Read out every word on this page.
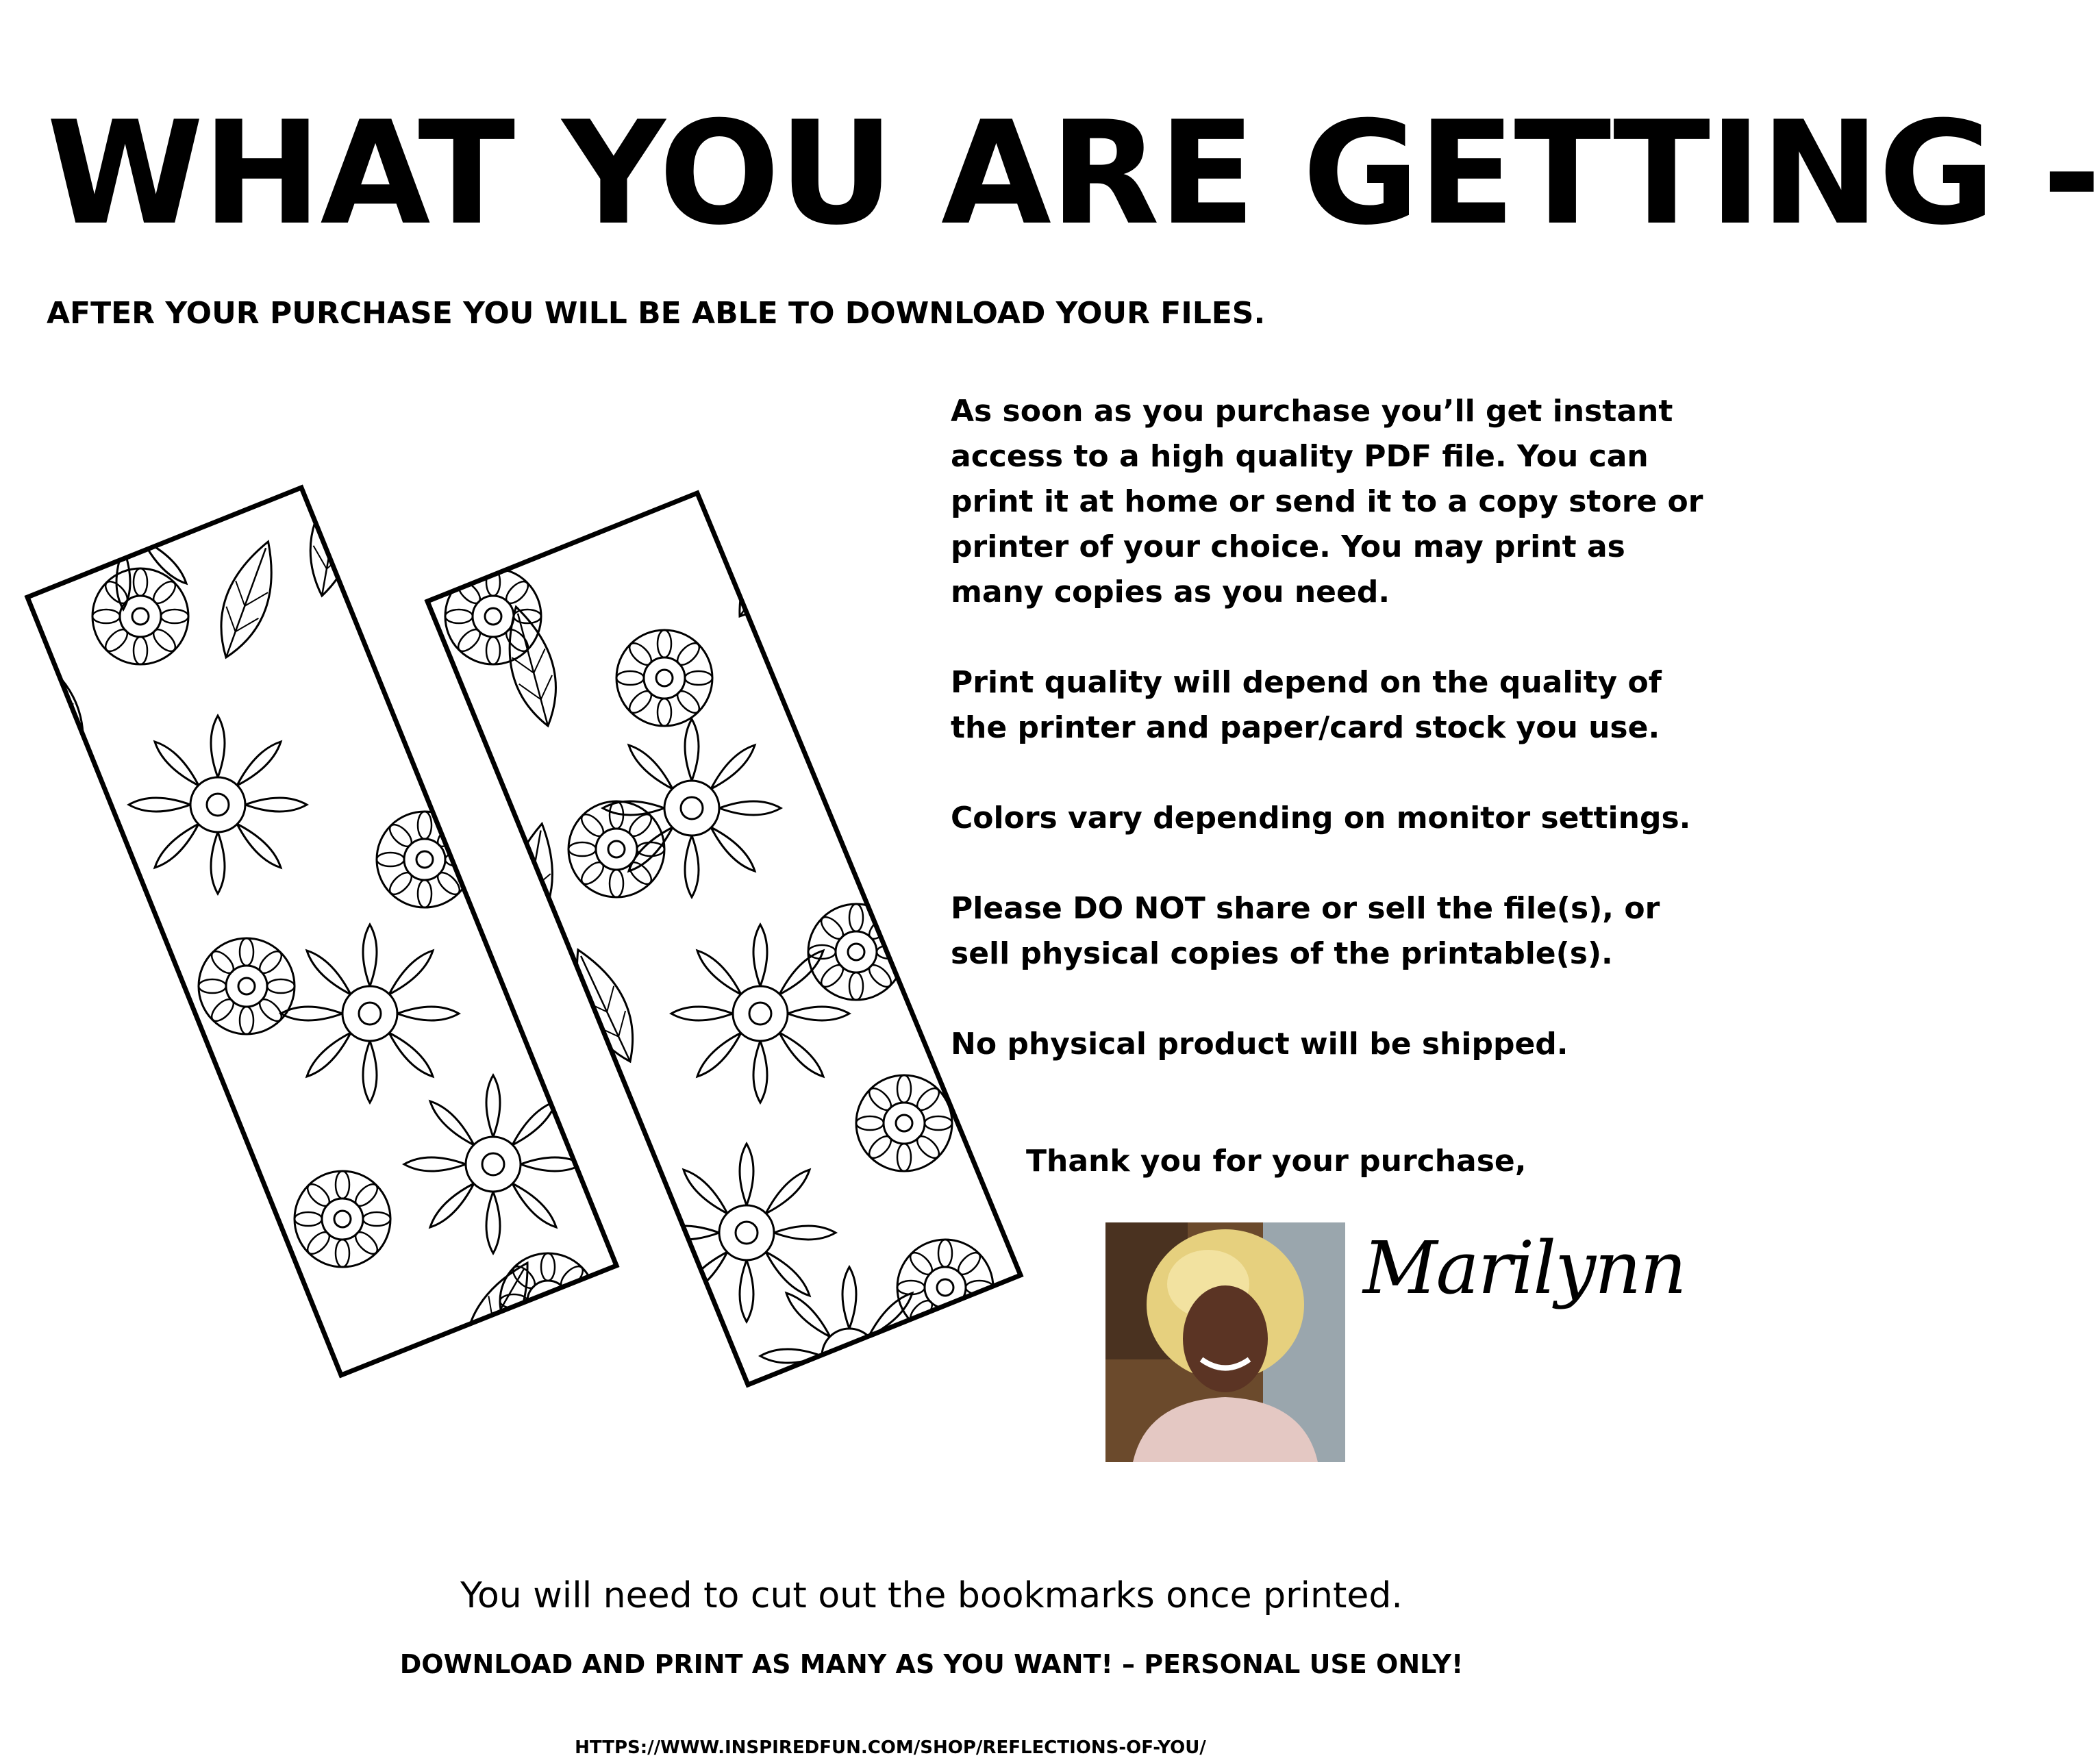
WHAT YOU ARE GETTING -
AFTER YOUR PURCHASE YOU WILL BE ABLE TO DOWNLOAD YOUR FILES.

As soon as you purchase you’ll get instant access to a high quality PDF file. You can print it at home or send it to a copy store or printer of your choice. You may print as many copies as you need.

Print quality will depend on the quality of the printer and paper/card stock you use.

Colors vary depending on monitor settings.

Please DO NOT share or sell the file(s), or sell physical copies of the printable(s).

No physical product will be shipped.

Thank you for your purchase,
Marilynn
You will need to cut out the bookmarks once printed.
DOWNLOAD AND PRINT AS MANY AS YOU WANT! – PERSONAL USE ONLY!
HTTPS://WWW.INSPIREDFUN.COM/SHOP/REFLECTIONS-OF-YOU/
